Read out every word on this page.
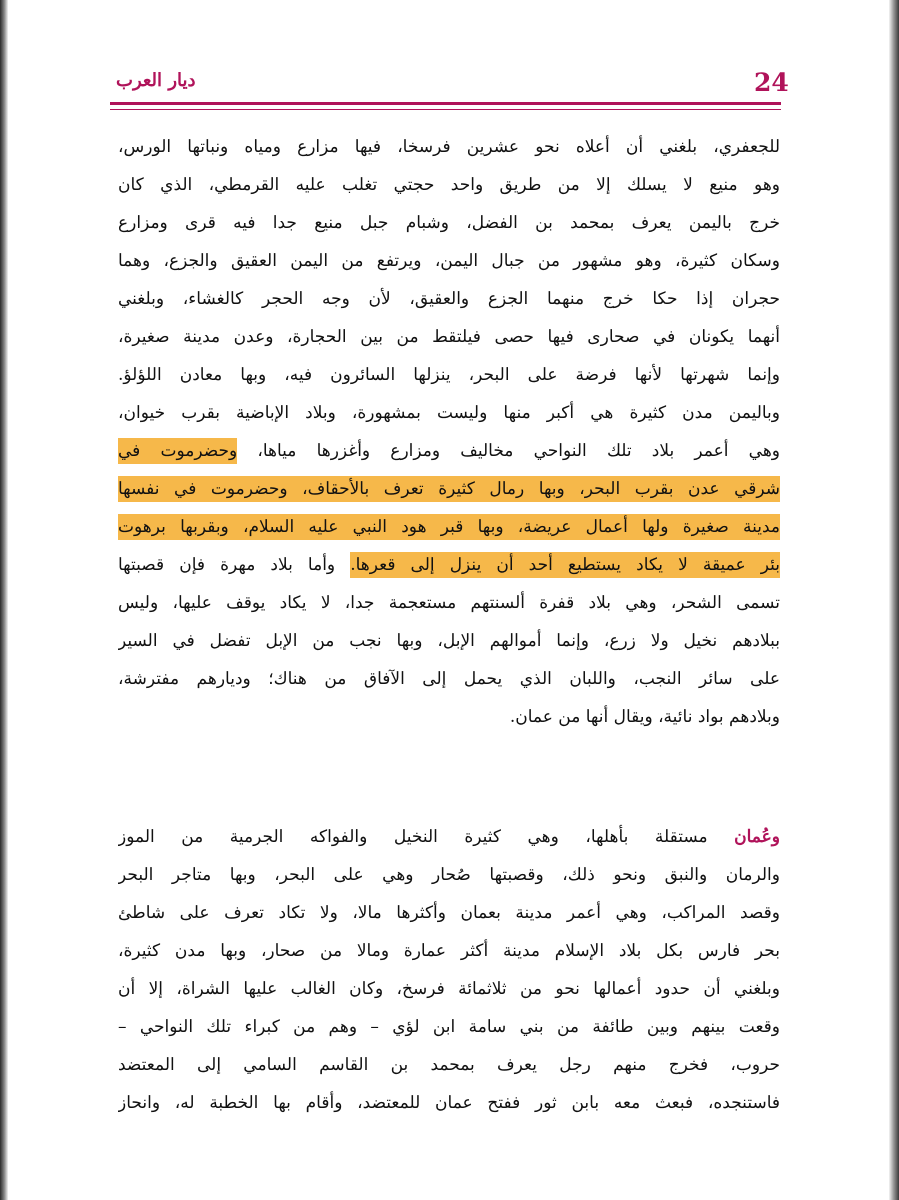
24
ديار العرب
للجعفري، بلغني أن أعلاه نحو عشرين فرسخا، فيها مزارع ومياه ونباتها الورس،
وهو منيع لا يسلك إلا من طريق واحد حجتي تغلب عليه القرمطي، الذي كان
خرج باليمن يعرف بمحمد بن الفضل، وشبام جبل منيع جدا فيه قرى ومزارع
وسكان كثيرة، وهو مشهور من جبال اليمن، ويرتفع من اليمن العقيق والجزع، وهما
حجران إذا حكا خرج منهما الجزع والعقيق، لأن وجه الحجر كالغشاء، وبلغني
أنهما يكونان في صحارى فيها حصى فيلتقط من بين الحجارة، وعدن مدينة صغيرة،
وإنما شهرتها لأنها فرضة على البحر، ينزلها السائرون فيه، وبها معادن اللؤلؤ.
وباليمن مدن كثيرة هي أكبر منها وليست بمشهورة، وبلاد الإباضية بقرب خيوان،
وهي أعمر بلاد تلك النواحي مخاليف ومزارع وأغزرها مياها، وحضرموت في
شرقي عدن بقرب البحر، وبها رمال كثيرة تعرف بالأحقاف، وحضرموت في نفسها
مدينة صغيرة ولها أعمال عريضة، وبها قبر هود النبي عليه السلام، وبقربها برهوت
بئر عميقة لا يكاد يستطيع أحد أن ينزل إلى قعرها. وأما بلاد مهرة فإن قصبتها
تسمى الشحر، وهي بلاد قفرة ألسنتهم مستعجمة جدا، لا يكاد يوقف عليها، وليس
ببلادهم نخيل ولا زرع، وإنما أموالهم الإبل، وبها نجب من الإبل تفضل في السير
على سائر النجب، واللبان الذي يحمل إلى الآفاق من هناك؛ وديارهم مفترشة،
وبلادهم بواد نائية، ويقال أنها من عمان.
وعُمان مستقلة بأهلها، وهي كثيرة النخيل والفواكه الجرمية من الموز
والرمان والنبق ونحو ذلك، وقصبتها صُحار وهي على البحر، وبها متاجر البحر
وقصد المراكب، وهي أعمر مدينة بعمان وأكثرها مالا، ولا تكاد تعرف على شاطئ
بحر فارس بكل بلاد الإسلام مدينة أكثر عمارة ومالا من صحار، وبها مدن كثيرة،
وبلغني أن حدود أعمالها نحو من ثلاثمائة فرسخ، وكان الغالب عليها الشراة، إلا أن
وقعت بينهم وبين طائفة من بني سامة ابن لؤي – وهم من كبراء تلك النواحي –
حروب، فخرج منهم رجل يعرف بمحمد بن القاسم السامي إلى المعتضد
فاستنجده، فبعث معه بابن ثور ففتح عمان للمعتضد، وأقام بها الخطبة له، وانحاز
